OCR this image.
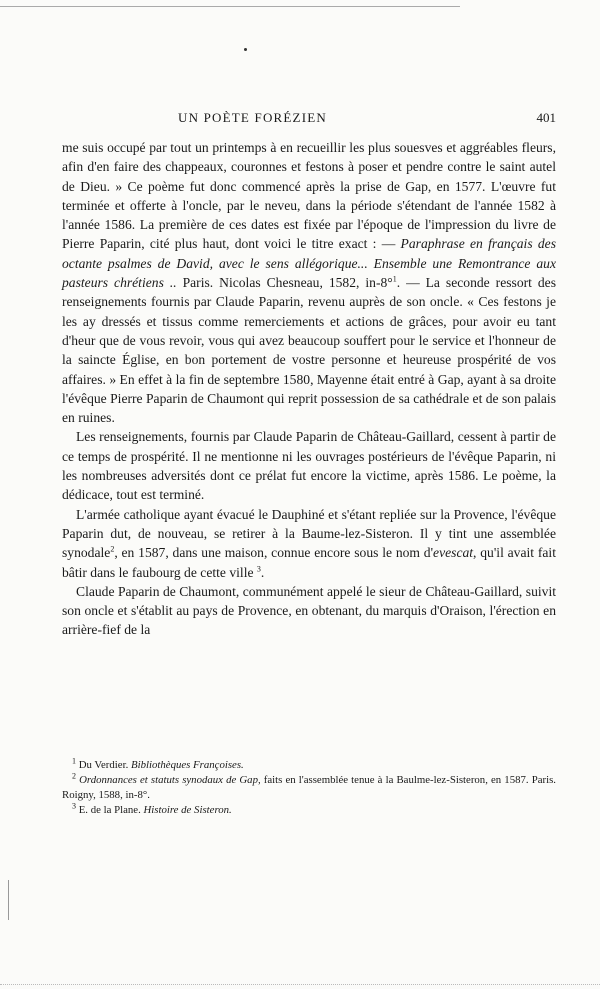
UN POÈTE FORÉZIEN	401

me suis occupé par tout un printemps à en recueillir les plus souesves et aggréables fleurs, afin d'en faire des chappeaux, couronnes et festons à poser et pendre contre le saint autel de Dieu. » Ce poème fut donc commencé après la prise de Gap, en 1577. L'œuvre fut terminée et offerte à l'oncle, par le neveu, dans la période s'étendant de l'année 1582 à l'année 1586. La première de ces dates est fixée par l'époque de l'impression du livre de Pierre Paparin, cité plus haut, dont voici le titre exact : — Paraphrase en français des octante psalmes de David, avec le sens allégorique... Ensemble une Remontrance aux pasteurs chrétiens .. Paris. Nicolas Chesneau, 1582, in-8°$^1$. — La seconde ressort des renseignements fournis par Claude Paparin, revenu auprès de son oncle. « Ces festons je les ay dressés et tissus comme remerciements et actions de grâces, pour avoir eu tant d'heur que de vous revoir, vous qui avez beaucoup souffert pour le service et l'honneur de la saincte Église, en bon portement de vostre personne et heureuse prospérité de vos affaires. » En effet à la fin de septembre 1580, Mayenne était entré à Gap, ayant à sa droite l'évêque Pierre Paparin de Chaumont qui reprit possession de sa cathédrale et de son palais en ruines.

Les renseignements, fournis par Claude Paparin de Château-Gaillard, cessent à partir de ce temps de prospérité. Il ne mentionne ni les ouvrages postérieurs de l'évêque Paparin, ni les nombreuses adversités dont ce prélat fut encore la victime, après 1586. Le poème, la dédicace, tout est terminé.

L'armée catholique ayant évacué le Dauphiné et s'étant repliée sur la Provence, l'évêque Paparin dut, de nouveau, se retirer à la Baume-lez-Sisteron. Il y tint une assemblée synodale$^2$, en 1587, dans une maison, connue encore sous le nom d'evescat, qu'il avait fait bâtir dans le faubourg de cette ville $^3$.

Claude Paparin de Chaumont, communément appelé le sieur de Château-Gaillard, suivit son oncle et s'établit au pays de Provence, en obtenant, du marquis d'Oraison, l'érection en arrière-fief de la

$^1$ Du Verdier. Bibliothèques Françoises.

$^2$ Ordonnances et statuts synodaux de Gap, faits en l'assemblée tenue à la Baulme-lez-Sisteron, en 1587. Paris. Roigny, 1588, in-8°.

$^3$ E. de la Plane. Histoire de Sisteron.
